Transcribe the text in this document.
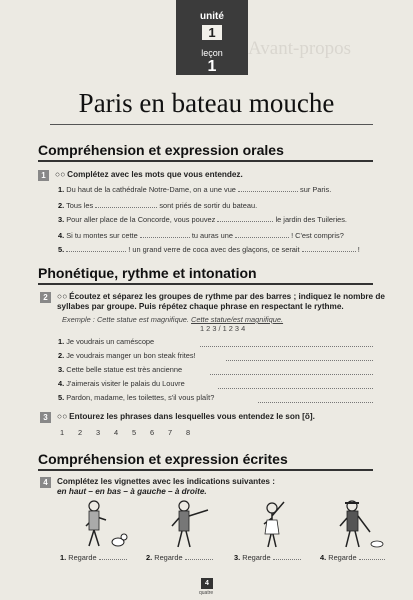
Avant-propos
unité
1
leçon
1
Paris en bateau mouche
Compréhension et expression orales
1	○ ○ Complétez avec les mots que vous entendez.
1. Du haut de la cathédrale Notre-Dame, on a une vue	sur Paris.
2. Tous les	sont priés de sortir du bateau.
3. Pour aller place de la Concorde, vous pouvez	le jardin des Tuileries.
4. Si tu montes sur cette	tu auras une	! C'est compris?
5.	! un grand verre de coca avec des glaçons, ce serait	!
Phonétique, rythme et intonation
2	○ ○ Écoutez et séparez les groupes de rythme par des barres ; indiquez le nombre de syllabes par groupe. Puis répétez chaque phrase en respectant le rythme.
Exemple : Cette statue est magnifique. Cette statue/est magnifique.
1 2 3 / 1 2 3 4
1. Je voudrais un caméscope
2. Je voudrais manger un bon steak frites!
3. Cette belle statue est très ancienne
4. J'aimerais visiter le palais du Louvre
5. Pardon, madame, les toilettes, s'il vous plaît?
3	○ ○ Entourez les phrases dans lesquelles vous entendez le son [õ].
1 2 3 4 5 6 7 8
Compréhension et expression écrites
4	Complétez les vignettes avec les indications suivantes :
en haut – en bas – à gauche – à droite.
1. Regarde	2. Regarde	3. Regarde	4. Regarde
4
quatre
